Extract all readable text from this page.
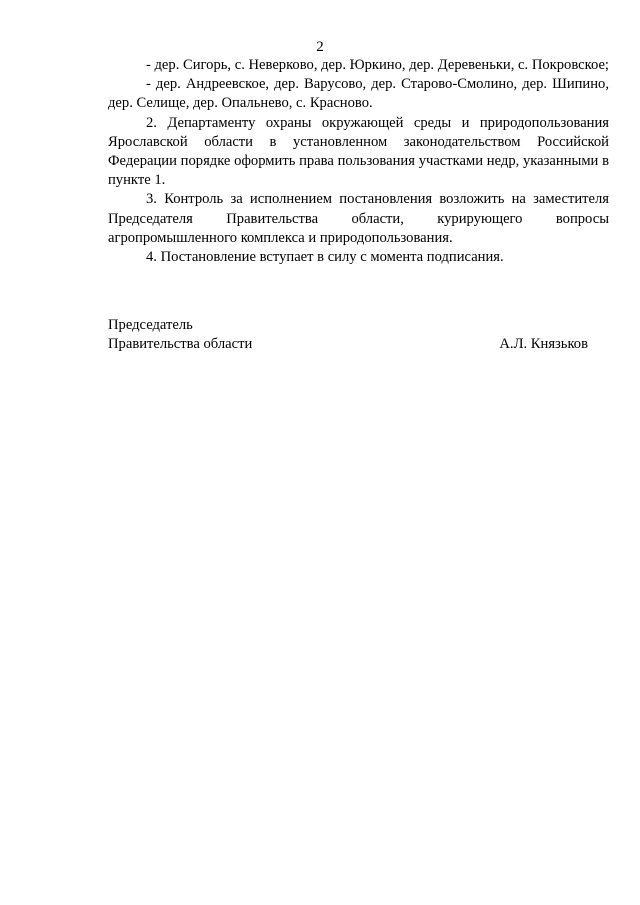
2

- дер. Сигорь, с. Неверково, дер. Юркино, дер. Деревеньки, с. Покровское;

- дер. Андреевское, дер. Варусово, дер. Старово-Смолино, дер. Шипино, дер. Селище, дер. Опальнево, с. Красново.

2. Департаменту охраны окружающей среды и природопользования Ярославской области в установленном законодательством Российской Федерации порядке оформить права пользования участками недр, указанными в пункте 1.

3. Контроль за исполнением постановления возложить на заместителя Председателя Правительства области, курирующего вопросы агропромышленного комплекса и природопользования.

4. Постановление вступает в силу с момента подписания.

Председатель
Правительства области	А.Л. Князьков
